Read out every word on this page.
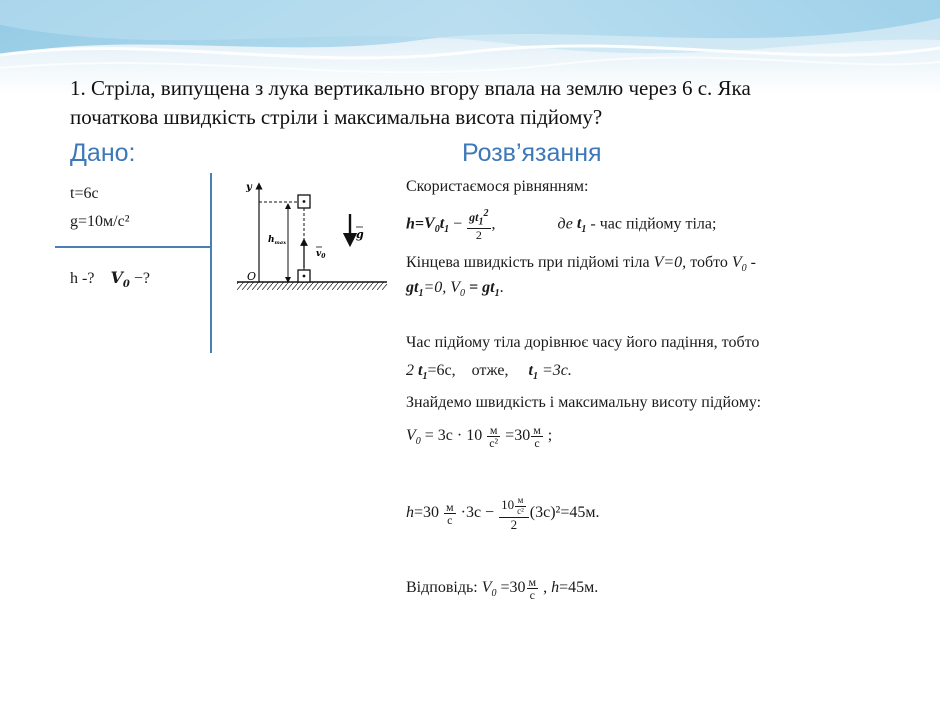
1. Стріла, випущена з лука вертикально вгору впала на землю через 6 с. Яка
початкова швидкість стріли і максимальна висота підйому?
Дано:	Розв’язання
t=6c
g=10м/с²
h -? $V_0$ −?
y
O
$h_{max}$
$v_0$
g
Скористаємося рівнянням:
$h=V_0t_1 - \frac{gt_1^2}{2}$ ,	де $t_1$ - час підйому тіла;
Кінцева швидкість при підйомі тіла V=0, тобто $V_0$ -
$gt_1=0$, $V_0 = gt_1$.
Час підйому тіла дорівнює часу його падіння, тобто
2 $t_1=6c$,    отже,     $t_1 =3c$.
Знайдемо швидкість і максимальну висоту підйому:
$V_0 = 3с \cdot 10 \frac{м}{\text{с²}} =30 \frac{м}{с}$ ;
$h=30 \frac{м}{с} \cdot 3с - \frac{10 \frac{м}{\text{с²}}}{2} (3с)^2=45м$.
Відповідь: $V_0 =30 \frac{м}{с}$ , h=45м.
